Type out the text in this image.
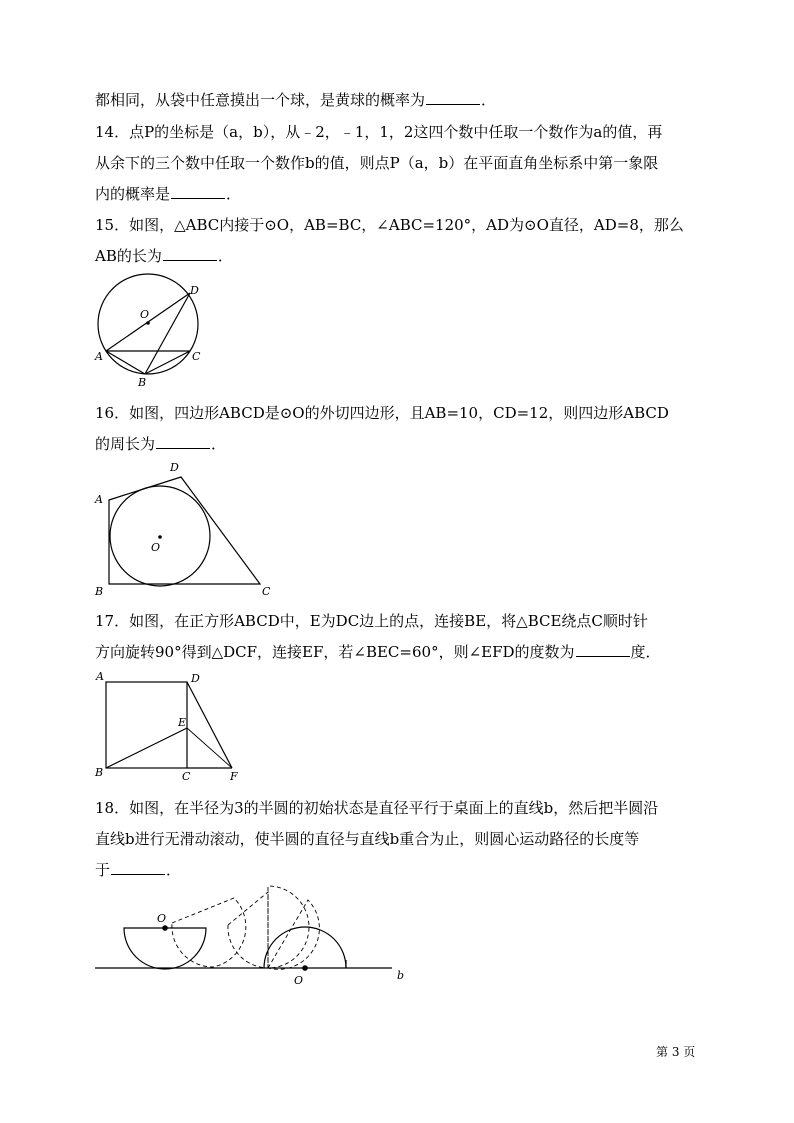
都相同，从袋中任意摸出一个球，是黄球的概率为	．
14．点P的坐标是（a，b），从﹣2，﹣1，1，2这四个数中任取一个数作为a的值，再
从余下的三个数中任取一个数作b的值，则点P（a，b）在平面直角坐标系中第一象限
内的概率是	．
15．如图，△ABC内接于⊙O，AB=BC，∠ABC=120°，AD为⊙O直径，AD=8，那么
AB的长为	．
O
D
A	C
B
16．如图，四边形ABCD是⊙O的外切四边形，且AB=10，CD=12，则四边形ABCD
的周长为	．
A
D
O
B	C
17．如图，在正方形ABCD中，E为DC边上的点，连接BE，将△BCE绕点C顺时针
方向旋转90°得到△DCF，连接EF，若∠BEC=60°，则∠EFD的度数为	度．
A	D
E
B	C	F
18．如图，在半径为3的半圆的初始状态是直径平行于桌面上的直线b，然后把半圆沿
直线b进行无滑动滚动，使半圆的直径与直线b重合为止，则圆心运动路径的长度等
于	．
b
O
O
第 3 页
